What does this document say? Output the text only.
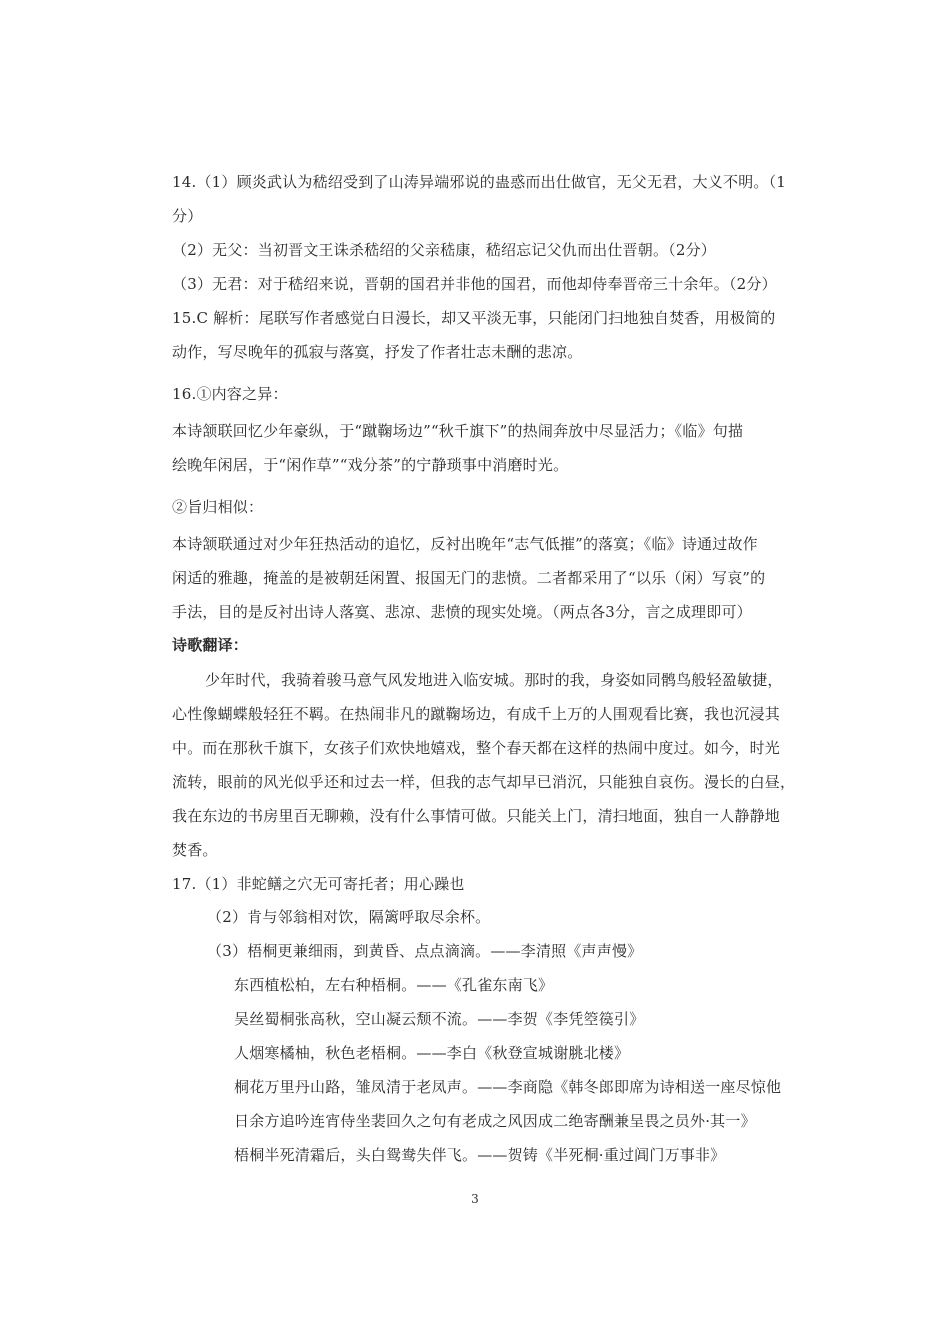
14.（1）顾炎武认为嵇绍受到了山涛异端邪说的蛊惑而出仕做官，无父无君，大义不明。（1
分）
（2）无父：当初晋文王诛杀嵇绍的父亲嵇康，嵇绍忘记父仇而出仕晋朝。（2分）
（3）无君：对于嵇绍来说，晋朝的国君并非他的国君，而他却侍奉晋帝三十余年。（2分）
15.C 解析：尾联写作者感觉白日漫长，却又平淡无事，只能闭门扫地独自焚香，用极简的
动作，写尽晚年的孤寂与落寞，抒发了作者壮志未酬的悲凉。
16.①内容之异：
本诗颔联回忆少年豪纵，于“蹴鞠场边”“秋千旗下”的热闹奔放中尽显活力；《临》句描
绘晚年闲居，于“闲作草”“戏分茶”的宁静琐事中消磨时光。
②旨归相似：
本诗颔联通过对少年狂热活动的追忆，反衬出晚年“志气低摧”的落寞；《临》诗通过故作
闲适的雅趣，掩盖的是被朝廷闲置、报国无门的悲愤。二者都采用了“以乐（闲）写哀”的
手法，目的是反衬出诗人落寞、悲凉、悲愤的现实处境。（两点各3分，言之成理即可）
诗歌翻译：
少年时代，我骑着骏马意气风发地进入临安城。那时的我，身姿如同鹘鸟般轻盈敏捷，
心性像蝴蝶般轻狂不羁。在热闹非凡的蹴鞠场边，有成千上万的人围观看比赛，我也沉浸其
中。而在那秋千旗下，女孩子们欢快地嬉戏，整个春天都在这样的热闹中度过。如今，时光
流转，眼前的风光似乎还和过去一样，但我的志气却早已消沉，只能独自哀伤。漫长的白昼，
我在东边的书房里百无聊赖，没有什么事情可做。只能关上门，清扫地面，独自一人静静地
焚香。
17.（1）非蛇鳝之穴无可寄托者；用心躁也
（2）肯与邻翁相对饮，隔篱呼取尽余杯。
（3）梧桐更兼细雨，到黄昏、点点滴滴。——李清照《声声慢》
东西植松柏，左右种梧桐。——《孔雀东南飞》
吴丝蜀桐张高秋，空山凝云颓不流。——李贺《李凭箜篌引》
人烟寒橘柚，秋色老梧桐。——李白《秋登宣城谢脁北楼》
桐花万里丹山路，雏凤清于老凤声。——李商隐《韩冬郎即席为诗相送一座尽惊他
日余方追吟连宵侍坐裴回久之句有老成之风因成二绝寄酬兼呈畏之员外·其一》
梧桐半死清霜后，头白鸳鸯失伴飞。——贺铸《半死桐·重过阊门万事非》
3
